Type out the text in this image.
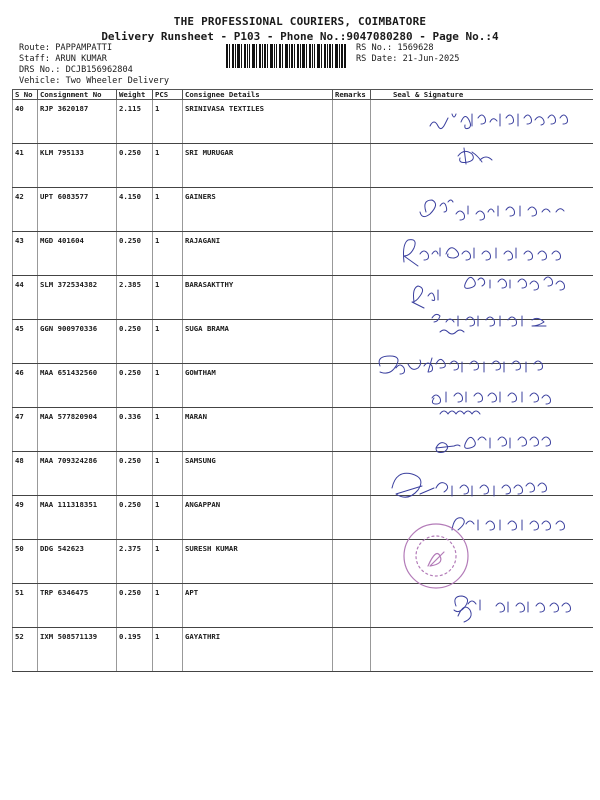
THE PROFESSIONAL COURIERS, COIMBATORE
Delivery Runsheet - P103 - Phone No.:9047080280 - Page No.:4
Route: PAPPAMPATTI
Staff: ARUN KUMAR
DRS No.: DCJB156962804
Vehicle: Two Wheeler Delivery
RS No.: 1569628
RS Date: 21-Jun-2025
S No	Consignment No	Weight	PCS	Consignee Details	Remarks	Seal & Signature
40	RJP 3620187	2.115	1	SRINIVASA TEXTILES		
41	KLM 795133	0.250	1	SRI MURUGAR		
42	UPT 6083577	4.150	1	GAINERS		
43	MGD 401604	0.250	1	RAJAGANI		
44	SLM 372534382	2.385	1	BARASAKTTHY		
45	GGN 900970336	0.250	1	SUGA BRAMA		
46	MAA 651432560	0.250	1	GOWTHAM		
47	MAA 577820904	0.336	1	MARAN		
48	MAA 709324286	0.250	1	SAMSUNG		
49	MAA 111318351	0.250	1	ANGAPPAN		
50	DDG 542623	2.375	1	SURESH KUMAR		
51	TRP 6346475	0.250	1	APT		
52	IXM 508571139	0.195	1	GAYATHRI		
